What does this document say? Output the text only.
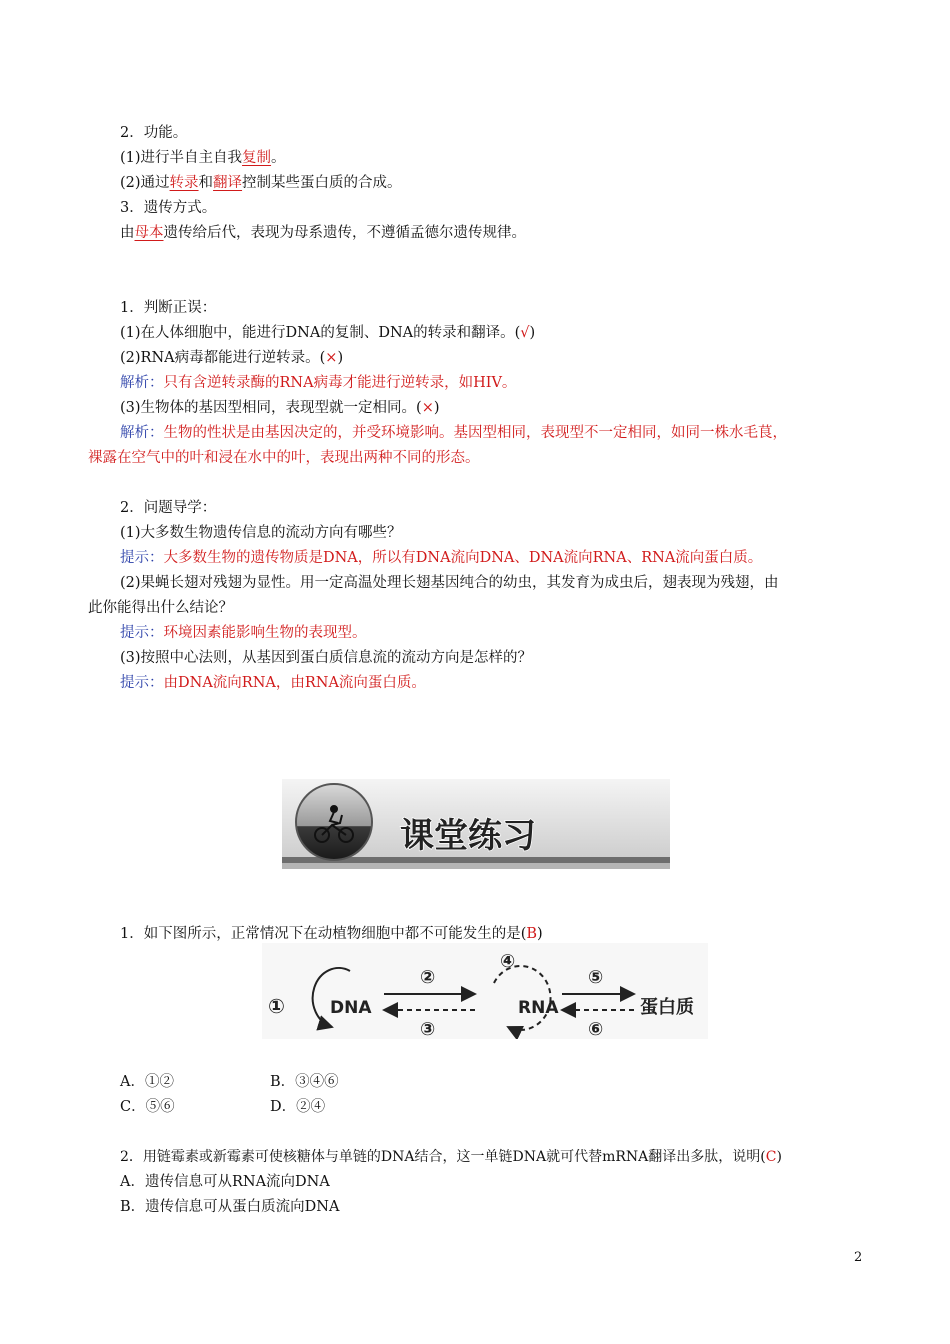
2．功能。
(1)进行半自主自我复制。
(2)通过转录和翻译控制某些蛋白质的合成。
3．遗传方式。
由母本遗传给后代，表现为母系遗传，不遵循孟德尔遗传规律。
1．判断正误：
(1)在人体细胞中，能进行DNA的复制、DNA的转录和翻译。(√)
(2)RNA病毒都能进行逆转录。(×)
解析：只有含逆转录酶的RNA病毒才能进行逆转录，如HIV。
(3)生物体的基因型相同，表现型就一定相同。(×)
解析：生物的性状是由基因决定的，并受环境影响。基因型相同，表现型不一定相同，如同一株水毛茛，
裸露在空气中的叶和浸在水中的叶，表现出两种不同的形态。
2．问题导学：
(1)大多数生物遗传信息的流动方向有哪些？
提示：大多数生物的遗传物质是DNA，所以有DNA流向DNA、DNA流向RNA、RNA流向蛋白质。
(2)果蝇长翅对残翅为显性。用一定高温处理长翅基因纯合的幼虫，其发育为成虫后，翅表现为残翅，由
此你能得出什么结论？
提示：环境因素能影响生物的表现型。
(3)按照中心法则，从基因到蛋白质信息流的流动方向是怎样的？
提示：由DNA流向RNA，由RNA流向蛋白质。
课堂练习
1．如下图所示，正常情况下在动植物细胞中都不可能发生的是(B)
①	DNA
②
③
④
RNA
⑤
⑥
蛋白质
A．①②	B．③④⑥
C．⑤⑥	D．②④
2．用链霉素或新霉素可使核糖体与单链的DNA结合，这一单链DNA就可代替mRNA翻译出多肽，说明(C)
A．遗传信息可从RNA流向DNA
B．遗传信息可从蛋白质流向DNA
2
